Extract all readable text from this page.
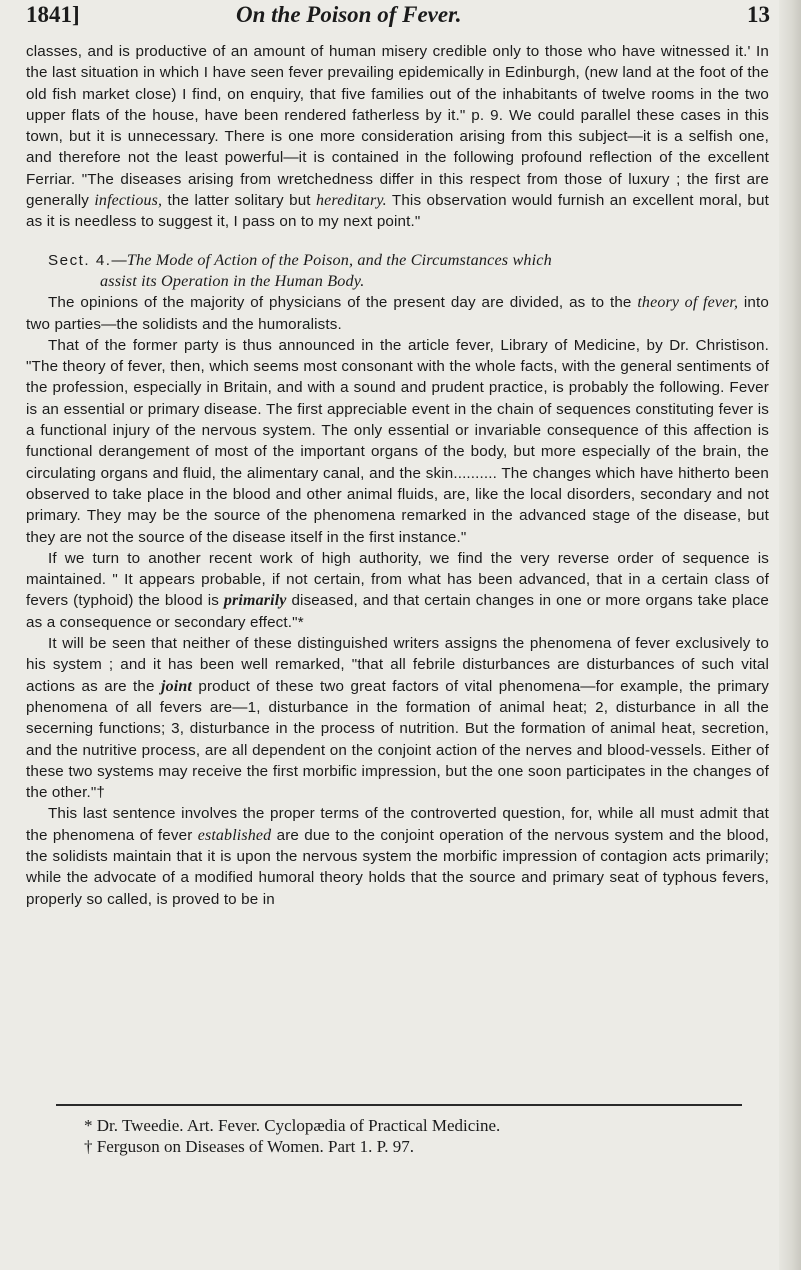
1841]	On the Poison of Fever.	13

classes, and is productive of an amount of human misery credible only to those who have witnessed it.' In the last situation in which I have seen fever prevailing epidemically in Edinburgh, (new land at the foot of the old fish market close) I find, on enquiry, that five families out of the inhabitants of twelve rooms in the two upper flats of the house, have been rendered fatherless by it." p. 9. We could parallel these cases in this town, but it is unnecessary. There is one more consideration arising from this subject—it is a selfish one, and therefore not the least powerful—it is contained in the following profound reflection of the excellent Ferriar. "The diseases arising from wretchedness differ in this respect from those of luxury ; the first are generally infectious, the latter solitary but hereditary. This observation would furnish an excellent moral, but as it is needless to suggest it, I pass on to my next point."

Sect. 4.—The Mode of Action of the Poison, and the Circumstances which
assist its Operation in the Human Body.

The opinions of the majority of physicians of the present day are divided, as to the theory of fever, into two parties—the solidists and the humoralists.

That of the former party is thus announced in the article fever, Library of Medicine, by Dr. Christison. "The theory of fever, then, which seems most consonant with the whole facts, with the general sentiments of the profession, especially in Britain, and with a sound and prudent practice, is probably the following. Fever is an essential or primary disease. The first appreciable event in the chain of sequences constituting fever is a functional injury of the nervous system. The only essential or invariable consequence of this affection is functional derangement of most of the important organs of the body, but more especially of the brain, the circulating organs and fluid, the alimentary canal, and the skin.......... The changes which have hitherto been observed to take place in the blood and other animal fluids, are, like the local disorders, secondary and not primary. They may be the source of the phenomena remarked in the advanced stage of the disease, but they are not the source of the disease itself in the first instance."

If we turn to another recent work of high authority, we find the very reverse order of sequence is maintained. " It appears probable, if not certain, from what has been advanced, that in a certain class of fevers (typhoid) the blood is primarily diseased, and that certain changes in one or more organs take place as a consequence or secondary effect."*

It will be seen that neither of these distinguished writers assigns the phenomena of fever exclusively to his system ; and it has been well remarked, "that all febrile disturbances are disturbances of such vital actions as are the joint product of these two great factors of vital phenomena—for example, the primary phenomena of all fevers are—1, disturbance in the formation of animal heat; 2, disturbance in all the secerning functions; 3, disturbance in the process of nutrition. But the formation of animal heat, secretion, and the nutritive process, are all dependent on the conjoint action of the nerves and blood-vessels. Either of these two systems may receive the first morbific impression, but the one soon participates in the changes of the other."†

This last sentence involves the proper terms of the controverted question, for, while all must admit that the phenomena of fever established are due to the conjoint operation of the nervous system and the blood, the solidists maintain that it is upon the nervous system the morbific impression of contagion acts primarily; while the advocate of a modified humoral theory holds that the source and primary seat of typhous fevers, properly so called, is proved to be in

* Dr. Tweedie. Art. Fever. Cyclopædia of Practical Medicine.
† Ferguson on Diseases of Women. Part 1. P. 97.
